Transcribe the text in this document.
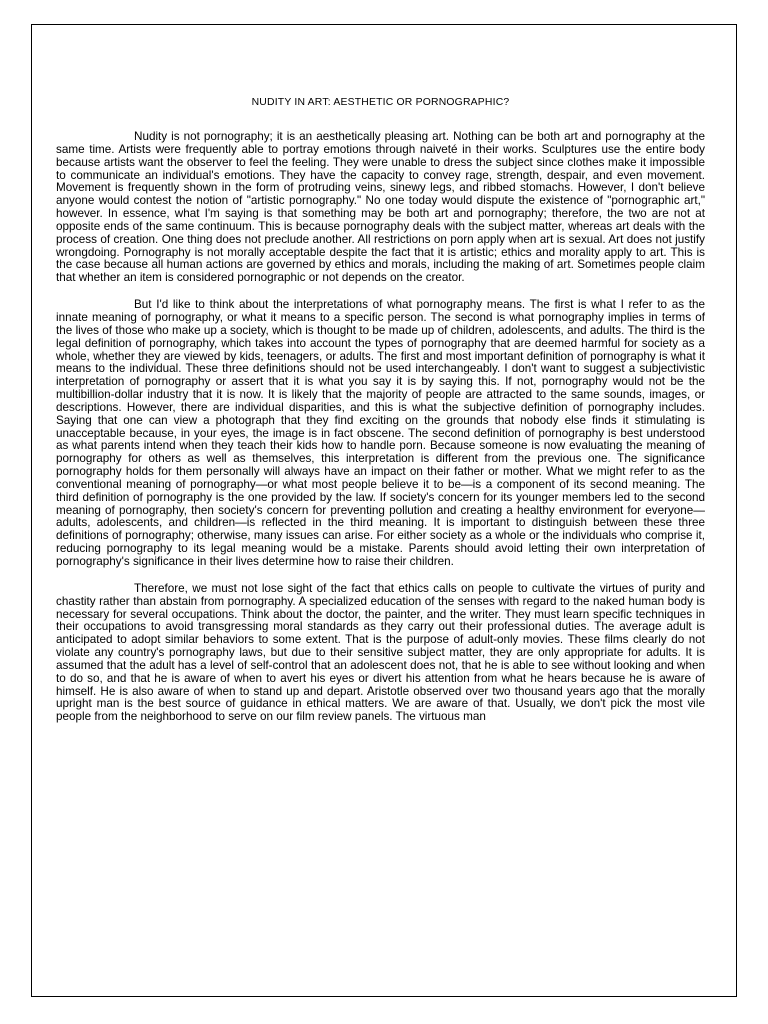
NUDITY IN ART: AESTHETIC OR PORNOGRAPHIC?

Nudity is not pornography; it is an aesthetically pleasing art. Nothing can be both art and pornography at the same time. Artists were frequently able to portray emotions through naiveté in their works. Sculptures use the entire body because artists want the observer to feel the feeling. They were unable to dress the subject since clothes make it impossible to communicate an individual's emotions. They have the capacity to convey rage, strength, despair, and even movement. Movement is frequently shown in the form of protruding veins, sinewy legs, and ribbed stomachs. However, I don't believe anyone would contest the notion of "artistic pornography." No one today would dispute the existence of "pornographic art," however. In essence, what I'm saying is that something may be both art and pornography; therefore, the two are not at opposite ends of the same continuum. This is because pornography deals with the subject matter, whereas art deals with the process of creation. One thing does not preclude another. All restrictions on porn apply when art is sexual. Art does not justify wrongdoing. Pornography is not morally acceptable despite the fact that it is artistic; ethics and morality apply to art. This is the case because all human actions are governed by ethics and morals, including the making of art. Sometimes people claim that whether an item is considered pornographic or not depends on the creator.

But I'd like to think about the interpretations of what pornography means. The first is what I refer to as the innate meaning of pornography, or what it means to a specific person. The second is what pornography implies in terms of the lives of those who make up a society, which is thought to be made up of children, adolescents, and adults. The third is the legal definition of pornography, which takes into account the types of pornography that are deemed harmful for society as a whole, whether they are viewed by kids, teenagers, or adults. The first and most important definition of pornography is what it means to the individual. These three definitions should not be used interchangeably. I don't want to suggest a subjectivistic interpretation of pornography or assert that it is what you say it is by saying this. If not, pornography would not be the multibillion-dollar industry that it is now. It is likely that the majority of people are attracted to the same sounds, images, or descriptions. However, there are individual disparities, and this is what the subjective definition of pornography includes. Saying that one can view a photograph that they find exciting on the grounds that nobody else finds it stimulating is unacceptable because, in your eyes, the image is in fact obscene. The second definition of pornography is best understood as what parents intend when they teach their kids how to handle porn. Because someone is now evaluating the meaning of pornography for others as well as themselves, this interpretation is different from the previous one. The significance pornography holds for them personally will always have an impact on their father or mother. What we might refer to as the conventional meaning of pornography—or what most people believe it to be—is a component of its second meaning. The third definition of pornography is the one provided by the law. If society's concern for its younger members led to the second meaning of pornography, then society's concern for preventing pollution and creating a healthy environment for everyone—adults, adolescents, and children—is reflected in the third meaning. It is important to distinguish between these three definitions of pornography; otherwise, many issues can arise. For either society as a whole or the individuals who comprise it, reducing pornography to its legal meaning would be a mistake. Parents should avoid letting their own interpretation of pornography's significance in their lives determine how to raise their children.

Therefore, we must not lose sight of the fact that ethics calls on people to cultivate the virtues of purity and chastity rather than abstain from pornography. A specialized education of the senses with regard to the naked human body is necessary for several occupations. Think about the doctor, the painter, and the writer. They must learn specific techniques in their occupations to avoid transgressing moral standards as they carry out their professional duties. The average adult is anticipated to adopt similar behaviors to some extent. That is the purpose of adult-only movies. These films clearly do not violate any country's pornography laws, but due to their sensitive subject matter, they are only appropriate for adults. It is assumed that the adult has a level of self-control that an adolescent does not, that he is able to see without looking and when to do so, and that he is aware of when to avert his eyes or divert his attention from what he hears because he is aware of himself. He is also aware of when to stand up and depart. Aristotle observed over two thousand years ago that the morally upright man is the best source of guidance in ethical matters. We are aware of that. Usually, we don't pick the most vile people from the neighborhood to serve on our film review panels. The virtuous man
